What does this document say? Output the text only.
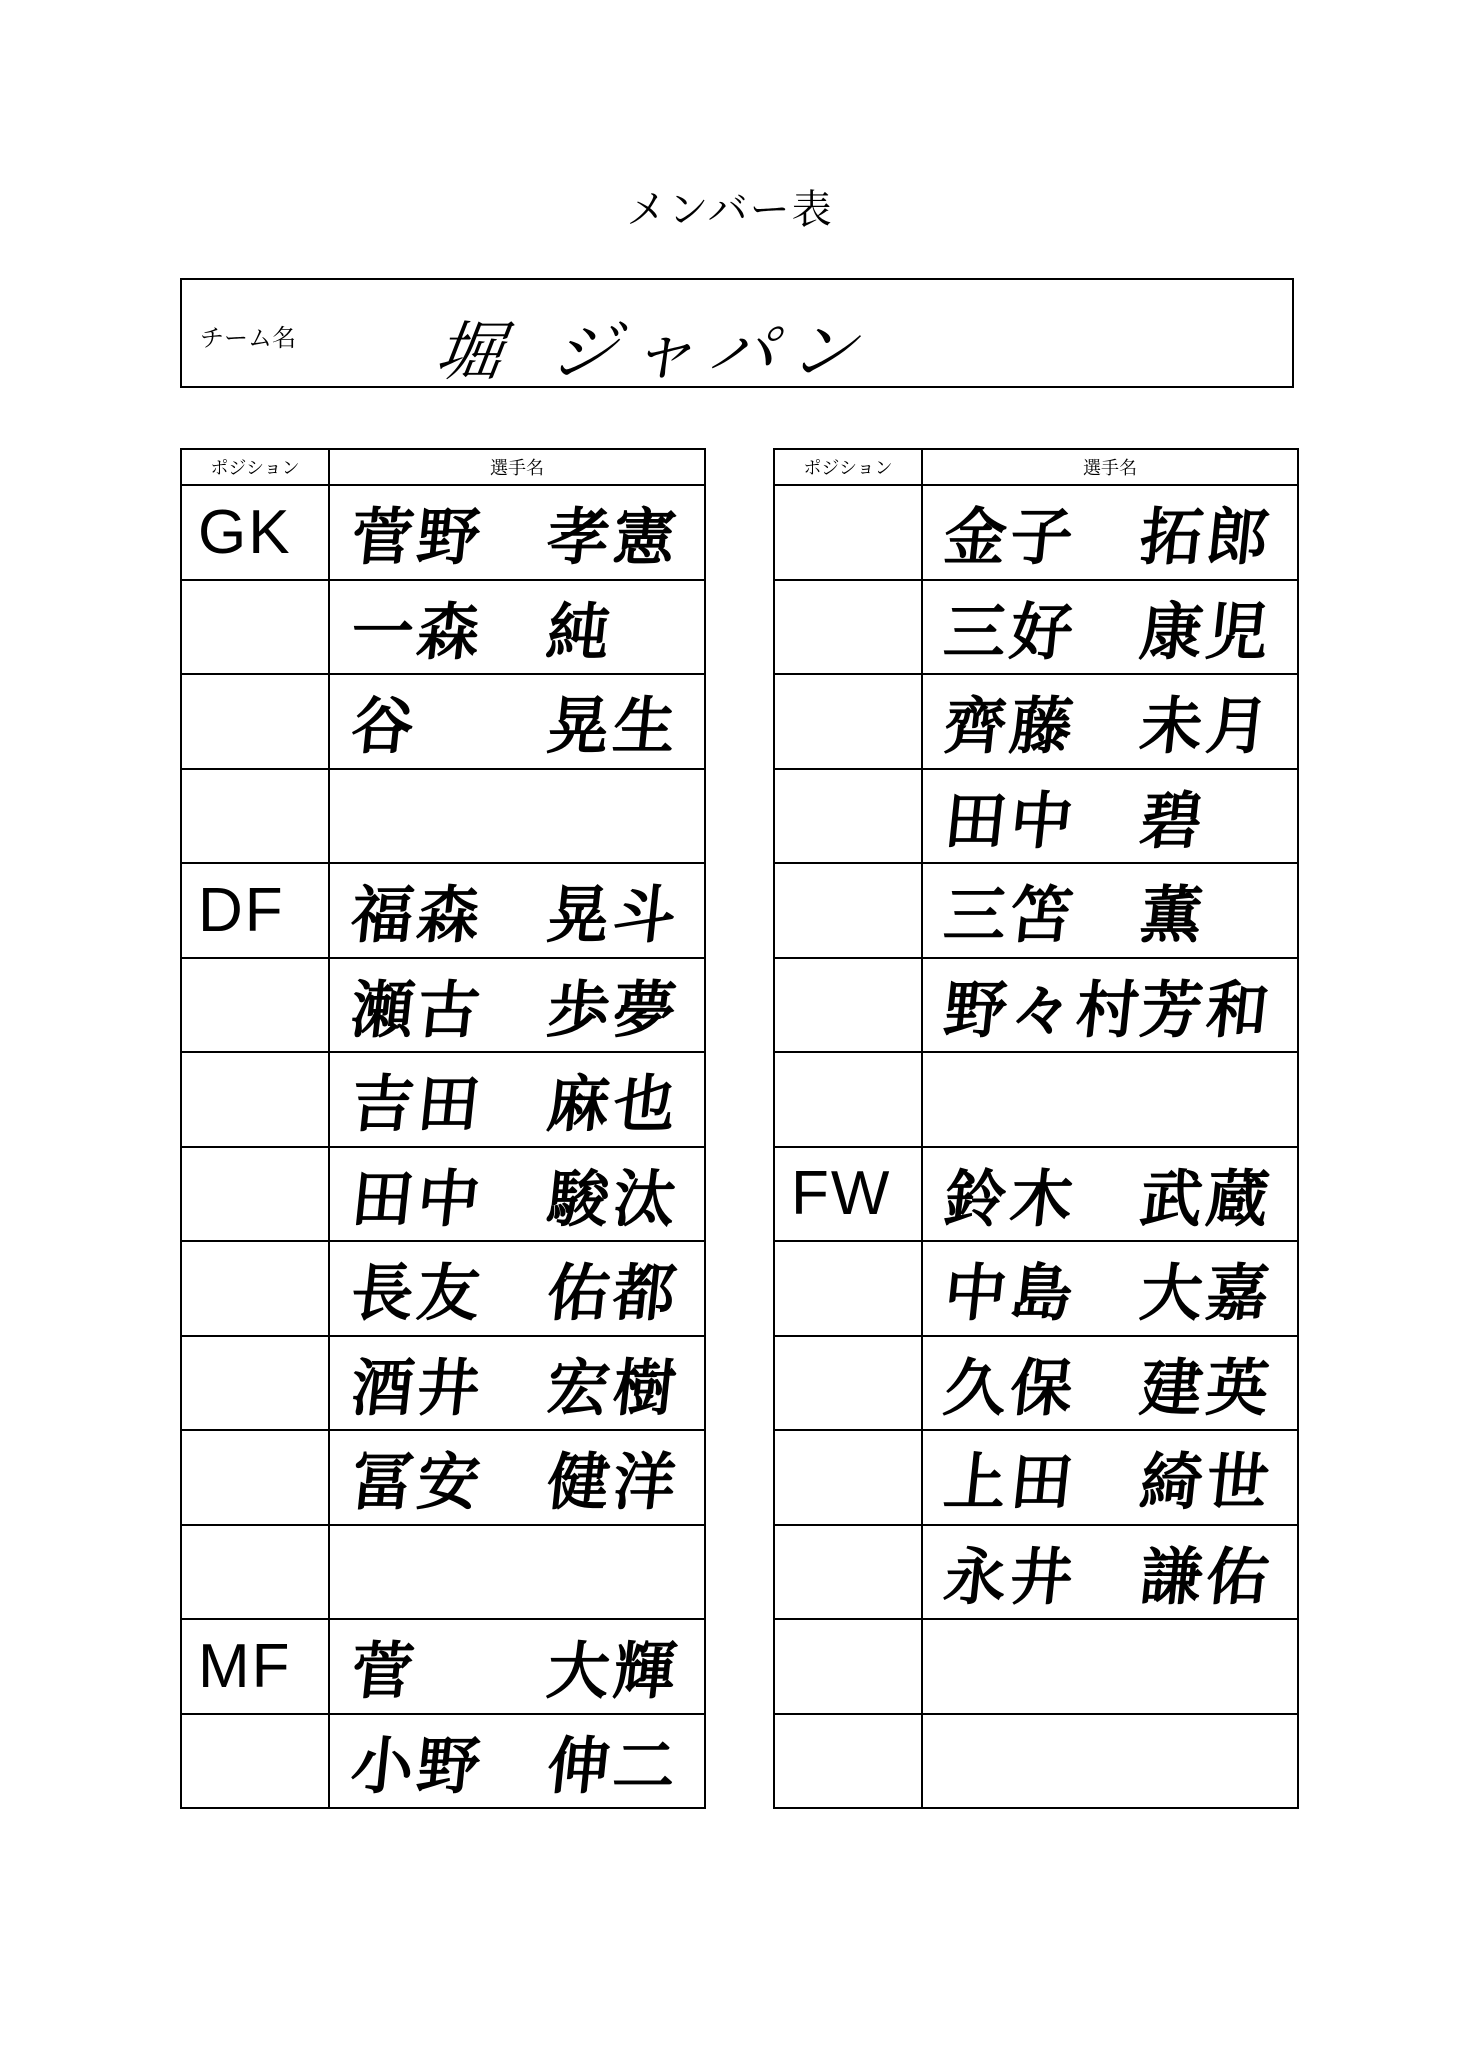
メンバー表
チーム名 堀 ジャパン
ポジション	選手名
GK	菅野 孝憲

	一森 純

	谷 晃生

DF	福森 晃斗

	瀬古 歩夢

	吉田 麻也

	田中 駿汰

	長友 佑都

	酒井 宏樹

	冨安 健洋

MF	菅 大輝

	小野 伸二
ポジション	選手名

	金子 拓郎

	三好 康児

	齊藤 未月

	田中 碧

	三笘 薫

	野々村
芳和

FW	鈴木 武蔵

	中島 大嘉

	久保 建英

	上田 綺世

	永井 謙佑
